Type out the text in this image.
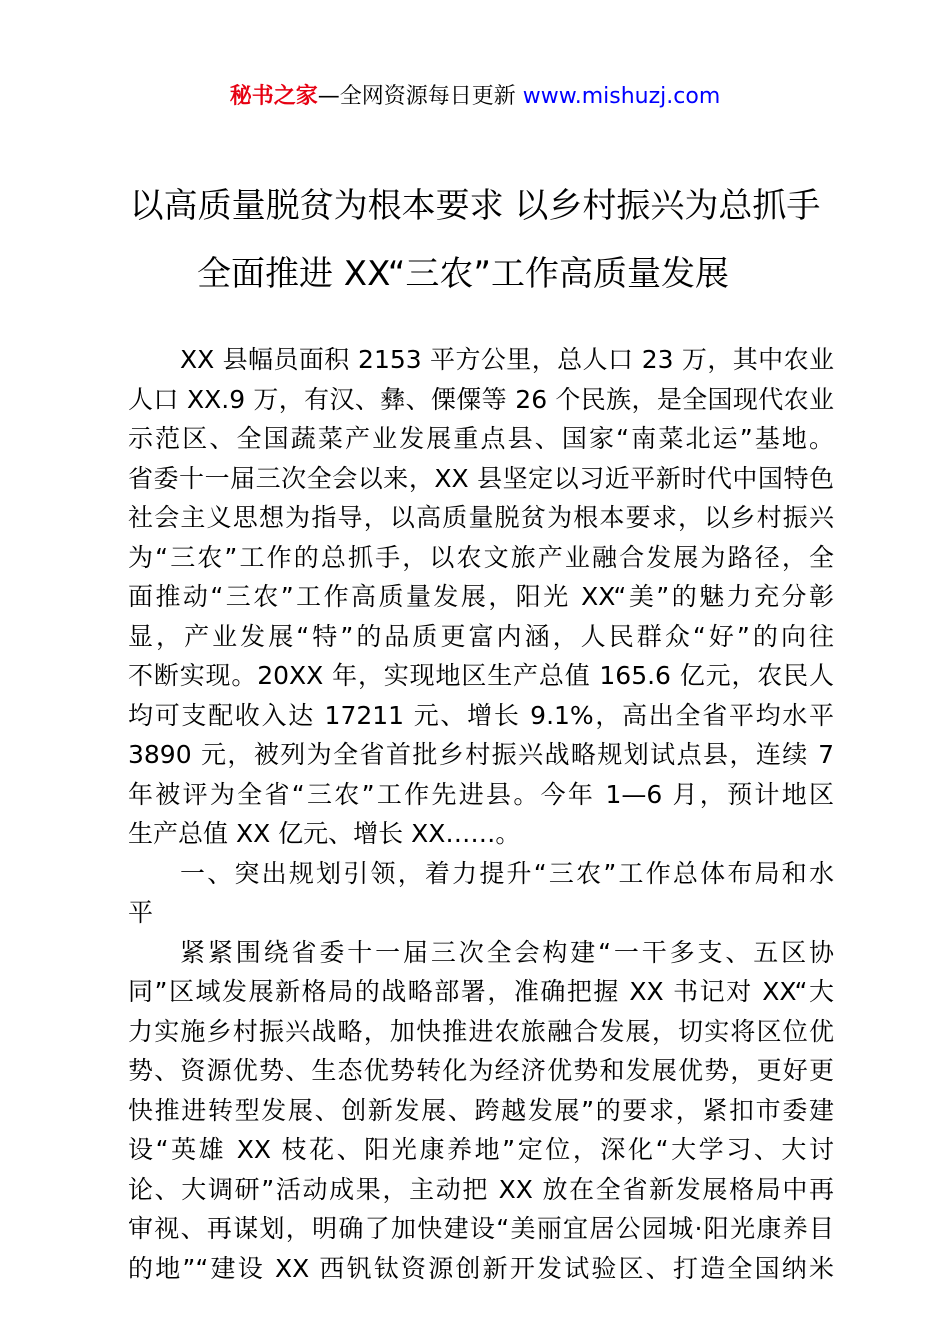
秘书之家—全网资源每日更新 www.mishuzj.com
以高质量脱贫为根本要求 以乡村振兴为总抓手
全面推进 XX“三农”工作高质量发展
XX 县幅员面积 2153 平方公里，总人口 23 万，其中农业
人口 XX.9 万，有汉、彝、傈僳等 26 个民族，是全国现代农业
示范区、全国蔬菜产业发展重点县、国家“南菜北运”基地。
省委十一届三次全会以来，XX 县坚定以习近平新时代中国特色
社会主义思想为指导，以高质量脱贫为根本要求，以乡村振兴
为“三农”工作的总抓手，以农文旅产业融合发展为路径，全
面推动“三农”工作高质量发展，阳光 XX“美”的魅力充分彰
显，产业发展“特”的品质更富内涵，人民群众“好”的向往
不断实现。20XX 年，实现地区生产总值 165.6 亿元，农民人
均可支配收入达 17211 元、增长 9.1%，高出全省平均水平
3890 元，被列为全省首批乡村振兴战略规划试点县，连续 7
年被评为全省“三农”工作先进县。今年 1—6 月，预计地区
生产总值 XX 亿元、增长 XX……。
一、突出规划引领，着力提升“三农”工作总体布局和水
平
紧紧围绕省委十一届三次全会构建“一干多支、五区协
同”区域发展新格局的战略部署，准确把握 XX 书记对 XX“大
力实施乡村振兴战略，加快推进农旅融合发展，切实将区位优
势、资源优势、生态优势转化为经济优势和发展优势，更好更
快推进转型发展、创新发展、跨越发展”的要求，紧扣市委建
设“英雄 XX 枝花、阳光康养地”定位，深化“大学习、大讨
论、大调研”活动成果，主动把 XX 放在全省新发展格局中再
审视、再谋划，明确了加快建设“美丽宜居公园城·阳光康养目
的地”“建设 XX 西钒钛资源创新开发试验区、打造全国纳米
